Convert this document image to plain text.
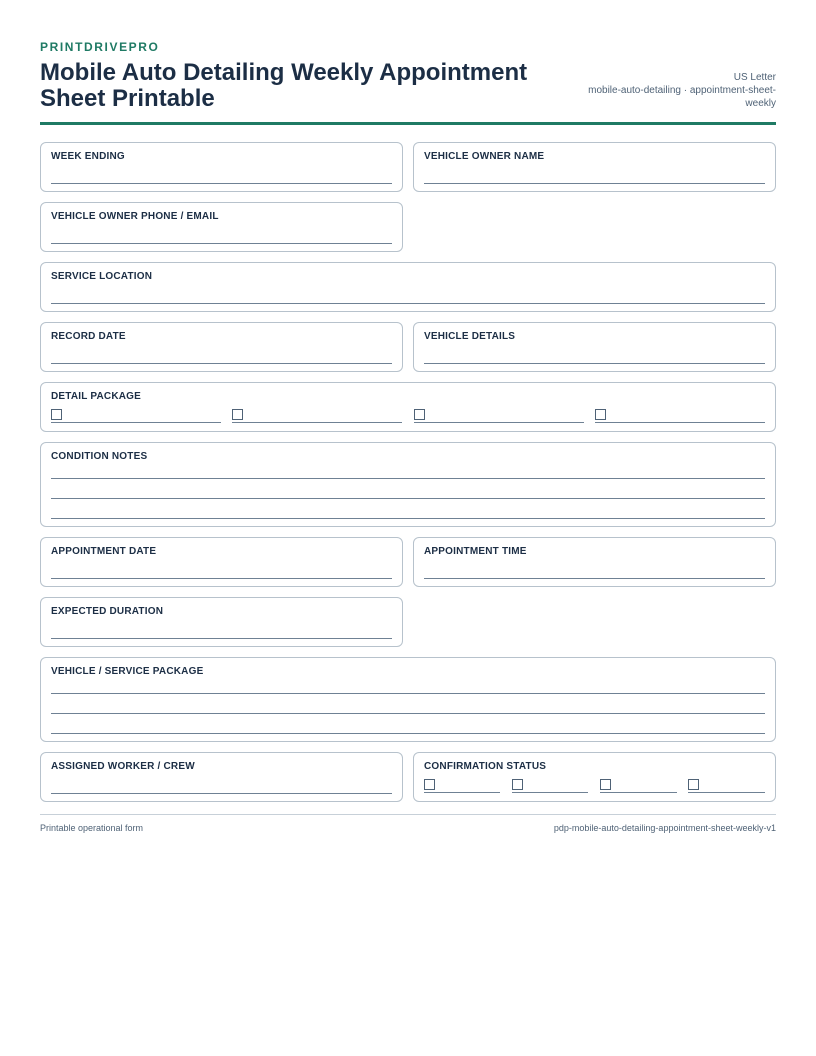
PRINTDRIVEPRO

Mobile Auto Detailing Weekly Appointment Sheet Printable
US Letter
mobile-auto-detailing · appointment-sheet-weekly

WEEK ENDING	VEHICLE OWNER NAME

VEHICLE OWNER PHONE / EMAIL

SERVICE LOCATION

RECORD DATE	VEHICLE DETAILS

DETAIL PACKAGE

CONDITION NOTES

APPOINTMENT DATE	APPOINTMENT TIME

EXPECTED DURATION

VEHICLE / SERVICE PACKAGE

ASSIGNED WORKER / CREW	CONFIRMATION STATUS

Printable operational form	pdp-mobile-auto-detailing-appointment-sheet-weekly-v1
